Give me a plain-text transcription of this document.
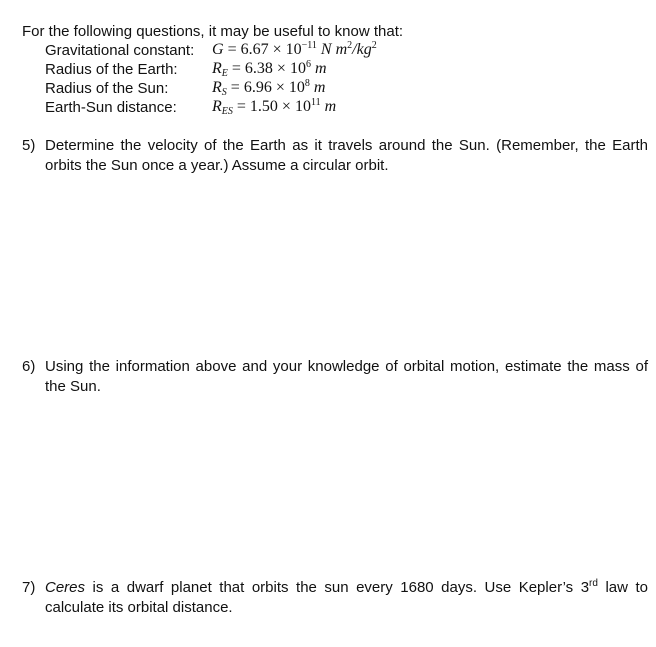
For the following questions, it may be useful to know that:
Gravitational constant: $G = 6.67 \times 10^{-11}$ N $m^2/kg^2$
Radius of the Earth: $R_E = 6.38 \times 10^6$ m
Radius of the Sun:	$R_S = 6.96 \times 10^8$ m
Earth-Sun distance: $R_{ES} = 1.50 \times 10^{11}$ m
5) Determine the velocity of the Earth as it travels around the Sun. (Remember, the Earth orbits the Sun once a year.) Assume a circular orbit.
6) Using the information above and your knowledge of orbital motion, estimate the mass of the Sun.
7) Ceres is a dwarf planet that orbits the sun every 1680 days. Use Kepler’s 3rd law to calculate its orbital distance.
